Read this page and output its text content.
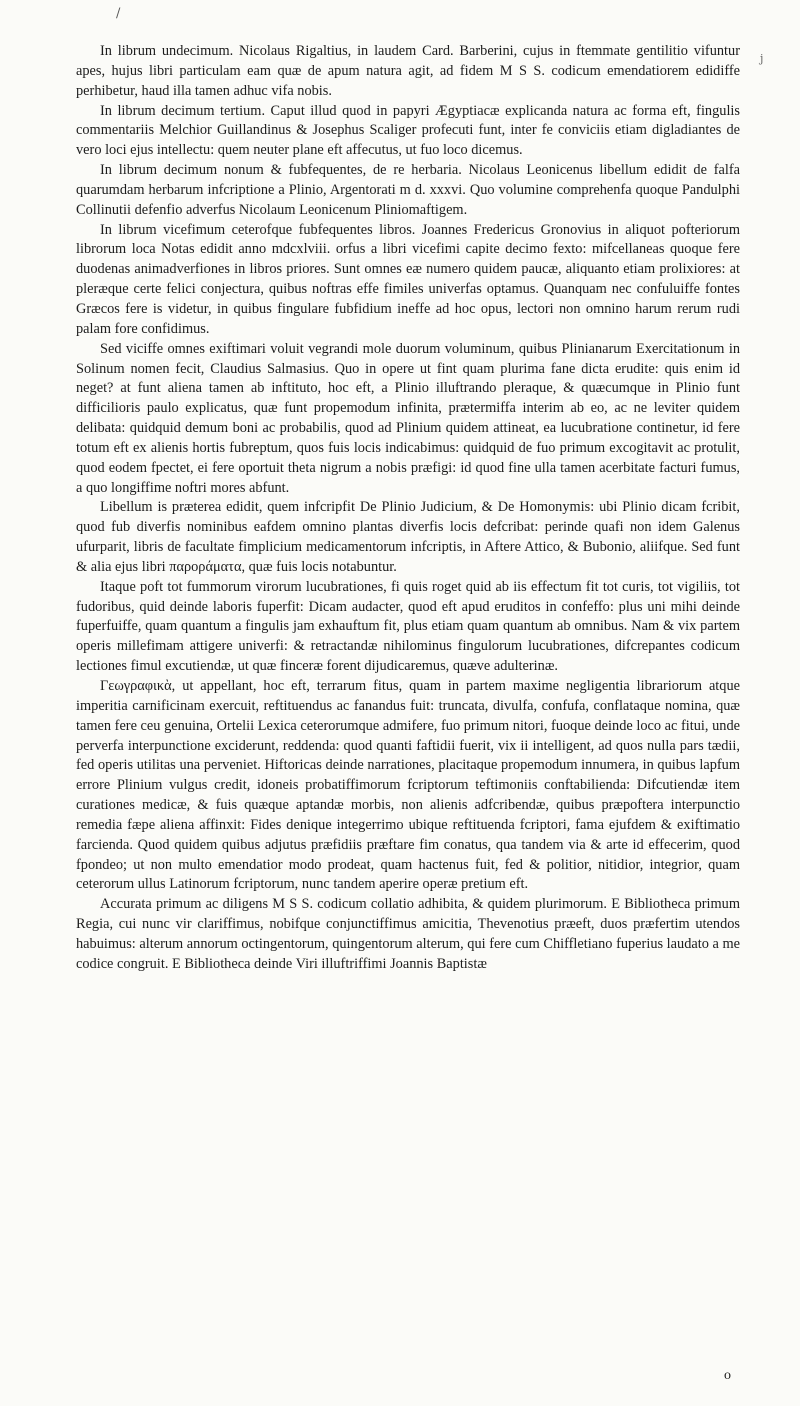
/
j

In librum undecimum. Nicolaus Rigaltius, in laudem Card. Barberini, cujus in ftemmate gentilitio vifuntur apes, hujus libri particulam eam quæ de apum natura agit, ad fidem M S S. codicum emendatiorem edidiffe perhibetur, haud illa tamen adhuc vifa nobis.

In librum decimum tertium. Caput illud quod in papyri Ægyptiacæ explicanda natura ac forma eft, fingulis commentariis Melchior Guillandinus & Josephus Scaliger profecuti funt, inter fe conviciis etiam digladiantes de vero loci ejus intellectu: quem neuter plane eft affecutus, ut fuo loco dicemus.

In librum decimum nonum & fubfequentes, de re herbaria. Nicolaus Leonicenus libellum edidit de falfa quarumdam herbarum infcriptione a Plinio, Argentorati m d. xxxvi. Quo volumine comprehenfa quoque Pandulphi Collinutii defenfio adverfus Nicolaum Leonicenum Pliniomaftigem.

In librum vicefimum ceterofque fubfequentes libros. Joannes Fredericus Gronovius in aliquot pofteriorum librorum loca Notas edidit anno mdcxlviii. orfus a libri vicefimi capite decimo fexto: mifcellaneas quoque fere duodenas animadverfiones in libros priores. Sunt omnes eæ numero quidem paucæ, aliquanto etiam prolixiores: at pleræque certe felici conjectura, quibus noftras effe fimiles univerfas optamus. Quanquam nec confuluiffe fontes Græcos fere is videtur, in quibus fingulare fubfidium ineffe ad hoc opus, lectori non omnino harum rerum rudi palam fore confidimus.

Sed viciffe omnes exiftimari voluit vegrandi mole duorum voluminum, quibus Plinianarum Exercitationum in Solinum nomen fecit, Claudius Salmasius. Quo in opere ut fint quam plurima fane dicta erudite: quis enim id neget? at funt aliena tamen ab inftituto, hoc eft, a Plinio illuftrando pleraque, & quæcumque in Plinio funt difficilioris paulo explicatus, quæ funt propemodum infinita, prætermiffa interim ab eo, ac ne leviter quidem delibata: quidquid demum boni ac probabilis, quod ad Plinium quidem attineat, ea lucubratione continetur, id fere totum eft ex alienis hortis fubreptum, quos fuis locis indicabimus: quidquid de fuo primum excogitavit ac protulit, quod eodem fpectet, ei fere oportuit theta nigrum a nobis præfigi: id quod fine ulla tamen acerbitate facturi fumus, a quo longiffime noftri mores abfunt.

Libellum is præterea edidit, quem infcripfit De Plinio Judicium, & De Homonymis: ubi Plinio dicam fcribit, quod fub diverfis nominibus eafdem omnino plantas diverfis locis defcribat: perinde quafi non idem Galenus ufurparit, libris de facultate fimplicium medicamentorum infcriptis, in Aftere Attico, & Bubonio, aliifque. Sed funt & alia ejus libri παροράματα, quæ fuis locis notabuntur.

Itaque poft tot fummorum virorum lucubrationes, fi quis roget quid ab iis effectum fit tot curis, tot vigiliis, tot fudoribus, quid deinde laboris fuperfit: Dicam audacter, quod eft apud eruditos in confeffo: plus uni mihi deinde fuperfuiffe, quam quantum a fingulis jam exhauftum fit, plus etiam quam quantum ab omnibus. Nam & vix partem operis millefimam attigere univerfi: & retractandæ nihilominus fingulorum lucubrationes, difcrepantes codicum lectiones fimul excutiendæ, ut quæ finceræ forent dijudicaremus, quæve adulterinæ.

Γεωγραφικὰ, ut appellant, hoc eft, terrarum fitus, quam in partem maxime negligentia librariorum atque imperitia carnificinam exercuit, reftituendus ac fanandus fuit: truncata, divulfa, confufa, conflataque nomina, quæ tamen fere ceu genuina, Ortelii Lexica ceterorumque admifere, fuo primum nitori, fuoque deinde loco ac fitui, unde perverfa interpunctione exciderunt, reddenda: quod quanti faftidii fuerit, vix ii intelligent, ad quos nulla pars tædii, fed operis utilitas una perveniet. Hiftoricas deinde narrationes, placitaque propemodum innumera, in quibus lapfum errore Plinium vulgus credit, idoneis probatiffimorum fcriptorum teftimoniis conftabilienda: Difcutiendæ item curationes medicæ, & fuis quæque aptandæ morbis, non alienis adfcribendæ, quibus præpoftera interpunctio remedia fæpe aliena affinxit: Fides denique integerrimo ubique reftituenda fcriptori, fama ejufdem & exiftimatio farcienda. Quod quidem quibus adjutus præfidiis præftare fim conatus, qua tandem via & arte id effecerim, quod fpondeo; ut non multo emendatior modo prodeat, quam hactenus fuit, fed & politior, nitidior, integrior, quam ceterorum ullus Latinorum fcriptorum, nunc tandem aperire operæ pretium eft.

Accurata primum ac diligens M S S. codicum collatio adhibita, & quidem plurimorum. E Bibliotheca primum Regia, cui nunc vir clariffimus, nobifque conjunctiffimus amicitia, Thevenotius præeft, duos præfertim utendos habuimus: alterum annorum octingentorum, quingentorum alterum, qui fere cum Chiffletiano fuperius laudato a me codice congruit. E Bibliotheca deinde Viri illuftriffimi Joannis Baptistæ

o
